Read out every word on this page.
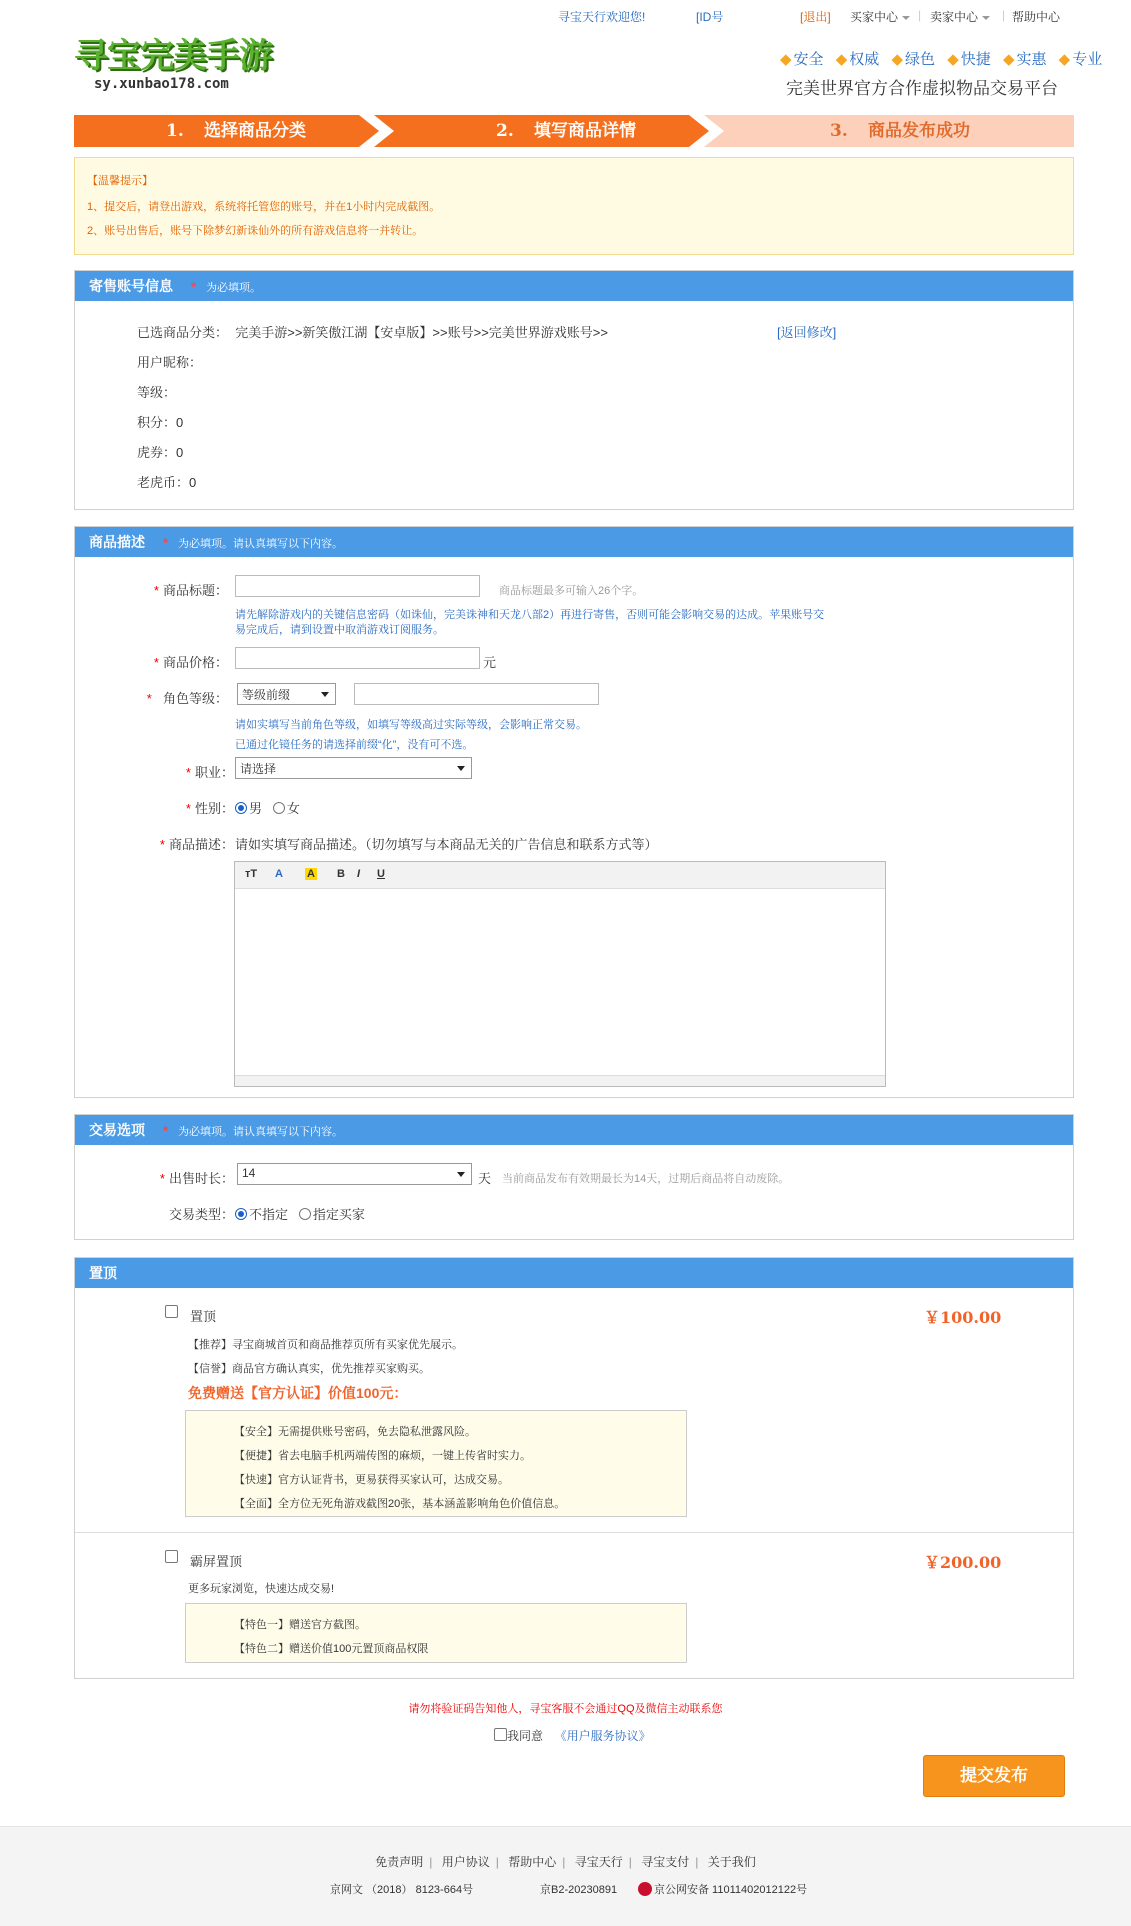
寻宝天行欢迎您!	[ID号	[退出] 买家中心	| 卖家中心	| 帮助中心
寻宝完美手游
sy.xunbao178.com
◆ 安全 ◆ 权威 ◆ 绿色 ◆ 快捷 ◆ 实惠 ◆ 专业
完美世界官方合作虚拟物品交易平台
1. 选择商品分类	2. 填写商品详情	3. 商品发布成功
【温馨提示】
1、提交后，请登出游戏，系统将托管您的账号，并在1小时内完成截图。
2、账号出售后，账号下除梦幻新诛仙外的所有游戏信息将一并转让。
寄售账号信息 * 为必填项。
已选商品分类： 完美手游>>新笑傲江湖【安卓版】>>账号>>完美世界游戏账号>>	[返回修改]
用户昵称：
等级：
积分：0
虎券：0
老虎币：0
商品描述 * 为必填项。请认真填写以下内容。
* 商品标题：	商品标题最多可输入26个字。
请先解除游戏内的关键信息密码（如诛仙，完美诛神和天龙八部2）再进行寄售，否则可能会影响交易的达成。苹果账号交易完成后，请到设置中取消游戏订阅服务。
* 商品价格：	元
* 角色等级：	等级前缀
请如实填写当前角色等级，如填写等级高过实际等级，会影响正常交易。
已通过化镜任务的请选择前缀“化”，没有可不选。
* 职业： 请选择
* 性别：	男 女
* 商品描述： 请如实填写商品描述。（切勿填写与本商品无关的广告信息和联系方式等）
тT A A B I U
交易选项 * 为必填项。请认真填写以下内容。
* 出售时长： 14	天 当前商品发布有效期最长为14天，过期后商品将自动废除。
交易类型：	不指定 指定买家
置顶
置顶	￥100.00
【推荐】寻宝商城首页和商品推荐页所有买家优先展示。
【信誉】商品官方确认真实，优先推荐买家购买。
免费赠送【官方认证】价值100元：
【安全】无需提供账号密码，免去隐私泄露风险。
【便捷】省去电脑手机两端传图的麻烦，一键上传省时实力。
【快速】官方认证背书，更易获得买家认可，达成交易。
【全面】全方位无死角游戏截图20张，基本涵盖影响角色价值信息。
霸屏置顶	￥200.00
更多玩家浏览，快速达成交易!
【特色一】赠送官方截图。
【特色二】赠送价值100元置顶商品权限
请勿将验证码告知他人，寻宝客服不会通过QQ及微信主动联系您
我同意 《用户服务协议》
提交发布
免责声明 | 用户协议 | 帮助中心 | 寻宝天行 | 寻宝支付 | 关于我们
京网文 （2018） 8123-664号	京B2-20230891	京公网安备 11011402012122号
